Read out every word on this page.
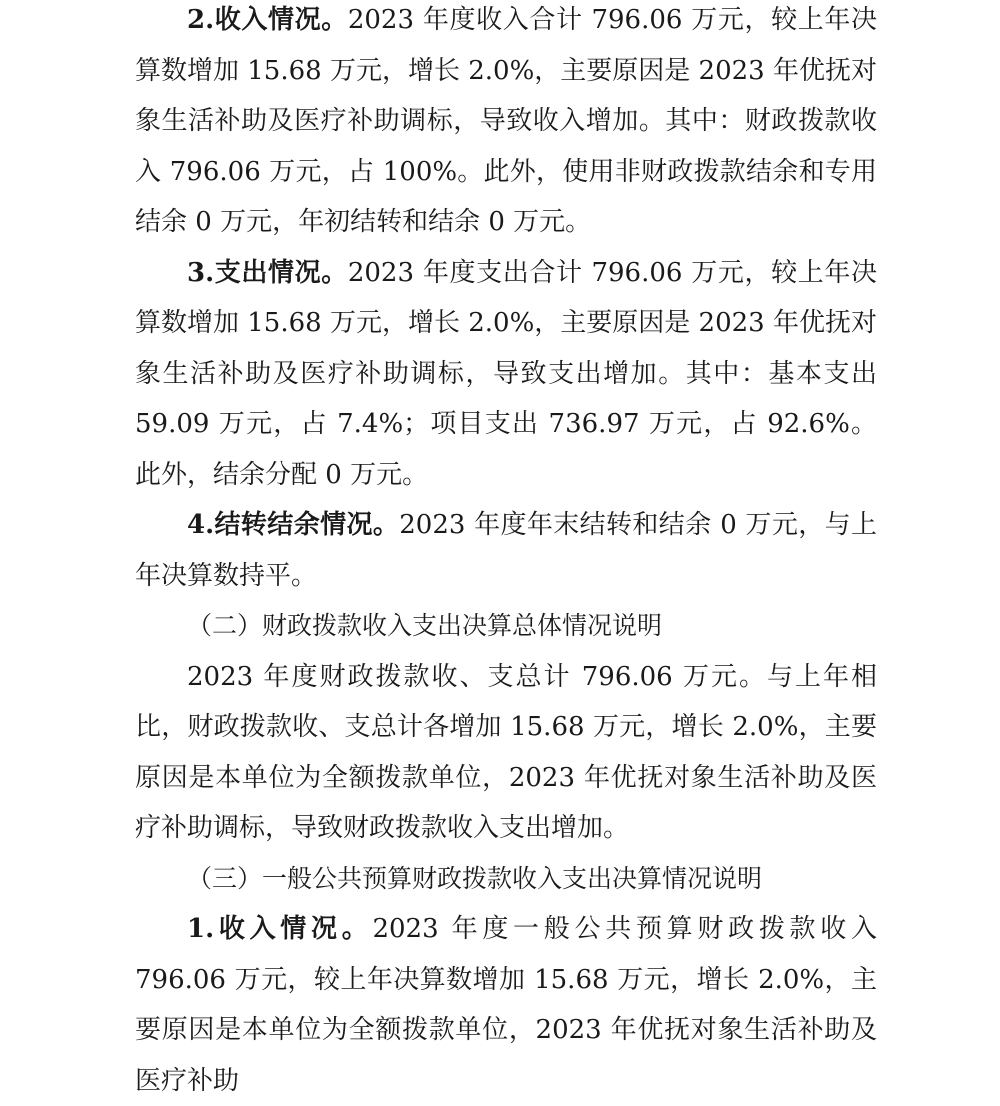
2.收入情况。2023 年度收入合计 796.06 万元，较上年决算数增加 15.68 万元，增长 2.0%，主要原因是 2023 年优抚对象生活补助及医疗补助调标，导致收入增加。其中：财政拨款收入 796.06 万元，占 100%。此外，使用非财政拨款结余和专用结余 0 万元，年初结转和结余 0 万元。

3.支出情况。2023 年度支出合计 796.06 万元，较上年决算数增加 15.68 万元，增长 2.0%，主要原因是 2023 年优抚对象生活补助及医疗补助调标，导致支出增加。其中：基本支出 59.09 万元，占 7.4%；项目支出 736.97 万元，占 92.6%。此外，结余分配 0 万元。

4.结转结余情况。2023 年度年末结转和结余 0 万元，与上年决算数持平。

（二）财政拨款收入支出决算总体情况说明

2023 年度财政拨款收、支总计 796.06 万元。与上年相比，财政拨款收、支总计各增加 15.68 万元，增长 2.0%，主要原因是本单位为全额拨款单位，2023 年优抚对象生活补助及医疗补助调标，导致财政拨款收入支出增加。

（三）一般公共预算财政拨款收入支出决算情况说明

1.收入情况。2023 年度一般公共预算财政拨款收入 796.06 万元，较上年决算数增加 15.68 万元，增长 2.0%，主要原因是本单位为全额拨款单位，2023 年优抚对象生活补助及医疗补助
